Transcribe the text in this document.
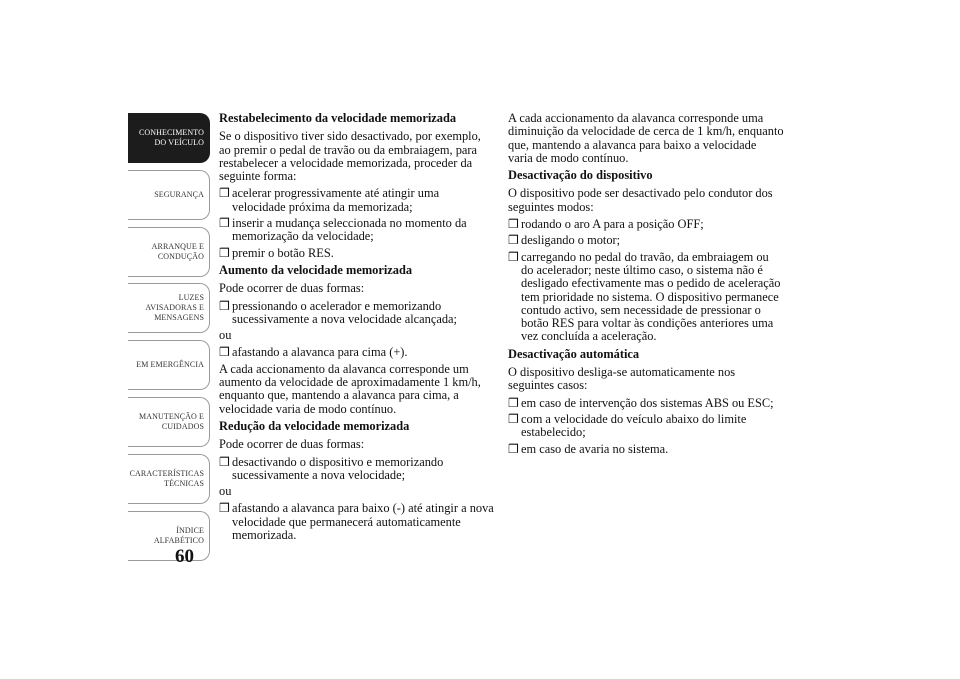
CONHECIMENTO
DO VEÍCULO
SEGURANÇA
ARRANQUE E
CONDUÇÃO
LUZES
AVISADORAS E
MENSAGENS
EM EMERGÊNCIA
MANUTENÇÃO E
CUIDADOS
CARACTERÍSTICAS
TÉCNICAS
ÍNDICE
ALFABÉTICO
60
Restabelecimento da velocidade memorizada

Se o dispositivo tiver sido desactivado, por exemplo, ao premir o pedal de travão ou da embraiagem, para restabelecer a velocidade memorizada, proceder da seguinte forma:

❒ acelerar progressivamente até atingir uma velocidade próxima da memorizada;
❒ inserir a mudança seleccionada no momento da memorização da velocidade;
❒ premir o botão RES.
Aumento da velocidade memorizada

Pode ocorrer de duas formas:

❒ pressionando o acelerador e memorizando sucessivamente a nova velocidade alcançada;

ou

❒ afastando a alavanca para cima (+).

A cada accionamento da alavanca corresponde um aumento da velocidade de aproximadamente 1 km/h, enquanto que, mantendo a alavanca para cima, a velocidade varia de modo contínuo.

Redução da velocidade memorizada

Pode ocorrer de duas formas:

❒ desactivando o dispositivo e memorizando sucessivamente a nova velocidade;

ou

❒ afastando a alavanca para baixo (-) até atingir a nova velocidade que permanecerá automaticamente memorizada.

A cada accionamento da alavanca corresponde uma diminuição da velocidade de cerca de 1 km/h, enquanto que, mantendo a alavanca para baixo a velocidade varia de modo contínuo.

Desactivação do dispositivo

O dispositivo pode ser desactivado pelo condutor dos seguintes modos:

❒ rodando o aro A para a posição OFF;
❒ desligando o motor;
❒ carregando no pedal do travão, da embraiagem ou do acelerador; neste último caso, o sistema não é desligado efectivamente mas o pedido de aceleração tem prioridade no sistema. O dispositivo permanece contudo activo, sem necessidade de pressionar o botão RES para voltar às condições anteriores uma vez concluída a aceleração.
Desactivação automática

O dispositivo desliga-se automaticamente nos seguintes casos:

❒ em caso de intervenção dos sistemas ABS ou ESC;
❒ com a velocidade do veículo abaixo do limite estabelecido;
❒ em caso de avaria no sistema.
